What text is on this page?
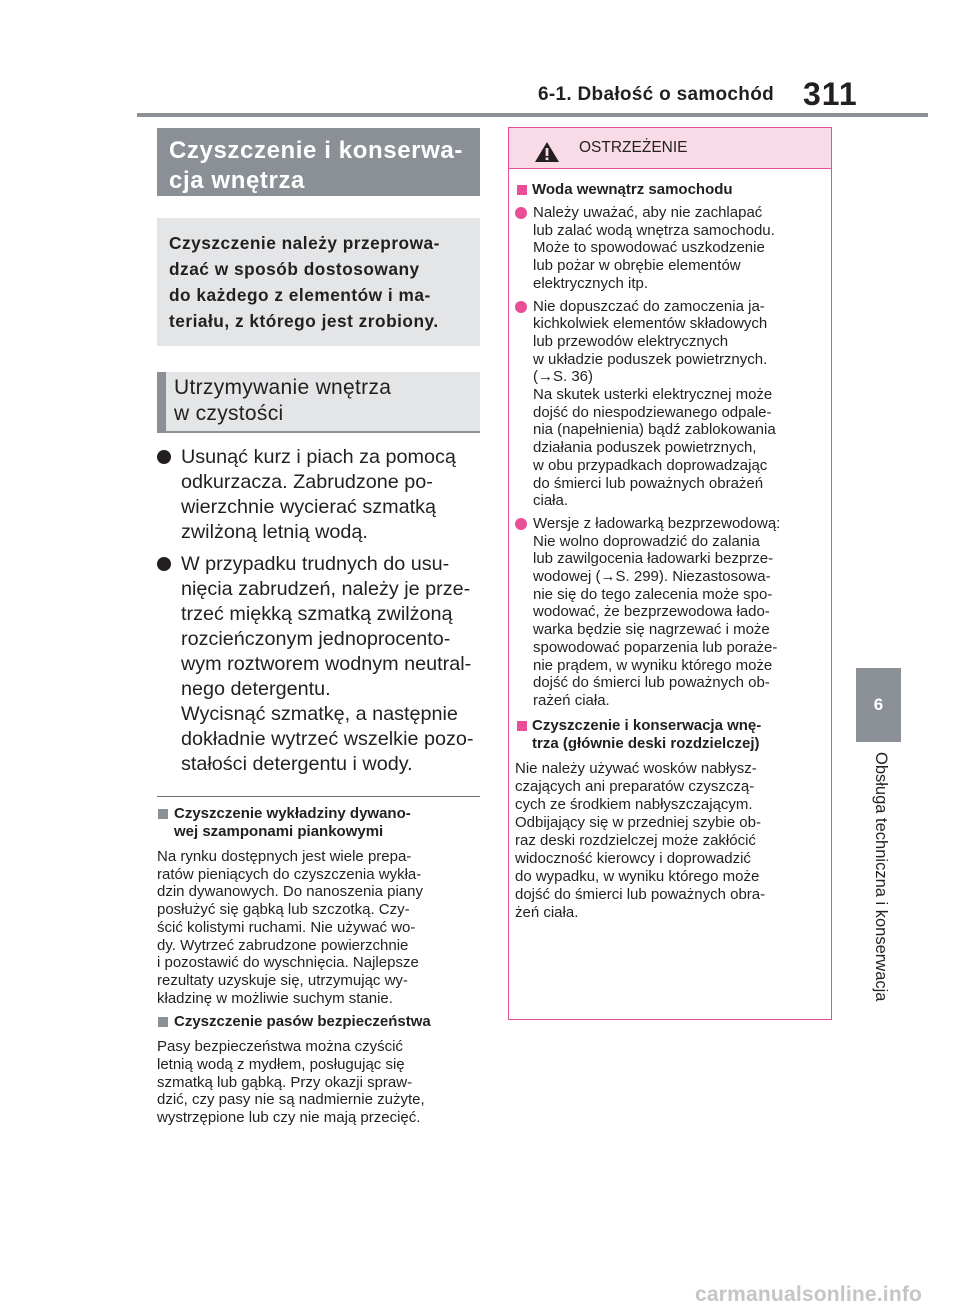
6-1. Dbałość o samochód 311
6
Obsługa techniczna i konserwacja
Czyszczenie i konserwa-
cja wnętrza
Czyszczenie należy przeprowa-
dzać w sposób dostosowany
do każdego z elementów i ma-
teriału, z którego jest zrobiony.
Utrzymywanie wnętrza
w czystości
Usunąć kurz i piach za pomocą
odkurzacza. Zabrudzone po-
wierzchnie wycierać szmatką
zwilżoną letnią wodą.
W przypadku trudnych do usu-
nięcia zabrudzeń, należy je prze-
trzeć miękką szmatką zwilżoną
rozcieńczonym jednoprocento-
wym roztworem wodnym neutral-
nego detergentu.
Wycisnąć szmatkę, a następnie
dokładnie wytrzeć wszelkie pozo-
stałości detergentu i wody.
Czyszczenie wykładziny dywano-
wej szamponami piankowymi
Na rynku dostępnych jest wiele prepa-
ratów pieniących do czyszczenia wykła-
dzin dywanowych. Do nanoszenia piany
posłużyć się gąbką lub szczotką. Czy-
ścić kolistymi ruchami. Nie używać wo-
dy. Wytrzeć zabrudzone powierzchnie
i pozostawić do wyschnięcia. Najlepsze
rezultaty uzyskuje się, utrzymując wy-
kładzinę w możliwie suchym stanie.
Czyszczenie pasów bezpieczeństwa
Pasy bezpieczeństwa można czyścić
letnią wodą z mydłem, posługując się
szmatką lub gąbką. Przy okazji spraw-
dzić, czy pasy nie są nadmiernie zużyte,
wystrzępione lub czy nie mają przecięć.
OSTRZEŻENIE
Woda wewnątrz samochodu
Należy uważać, aby nie zachlapać
lub zalać wodą wnętrza samochodu.
Może to spowodować uszkodzenie
lub pożar w obrębie elementów
elektrycznych itp.
Nie dopuszczać do zamoczenia ja-
kichkolwiek elementów składowych
lub przewodów elektrycznych
w układzie poduszek powietrznych.
(→S. 36)
Na skutek usterki elektrycznej może
dojść do niespodziewanego odpale-
nia (napełnienia) bądź zablokowania
działania poduszek powietrznych,
w obu przypadkach doprowadzając
do śmierci lub poważnych obrażeń
ciała.
Wersje z ładowarką bezprzewodową:
Nie wolno doprowadzić do zalania
lub zawilgocenia ładowarki bezprze-
wodowej (→S. 299). Niezastosowa-
nie się do tego zalecenia może spo-
wodować, że bezprzewodowa łado-
warka będzie się nagrzewać i może
spowodować poparzenia lub poraże-
nie prądem, w wyniku którego może
dojść do śmierci lub poważnych ob-
rażeń ciała.
Czyszczenie i konserwacja wnę-
trza (głównie deski rozdzielczej)
Nie należy używać wosków nabłysz-
czających ani preparatów czyszczą-
cych ze środkiem nabłyszczającym.
Odbijający się w przedniej szybie ob-
raz deski rozdzielczej może zakłócić
widoczność kierowcy i doprowadzić
do wypadku, w wyniku którego może
dojść do śmierci lub poważnych obra-
żeń ciała.
carmanualsonline.info
